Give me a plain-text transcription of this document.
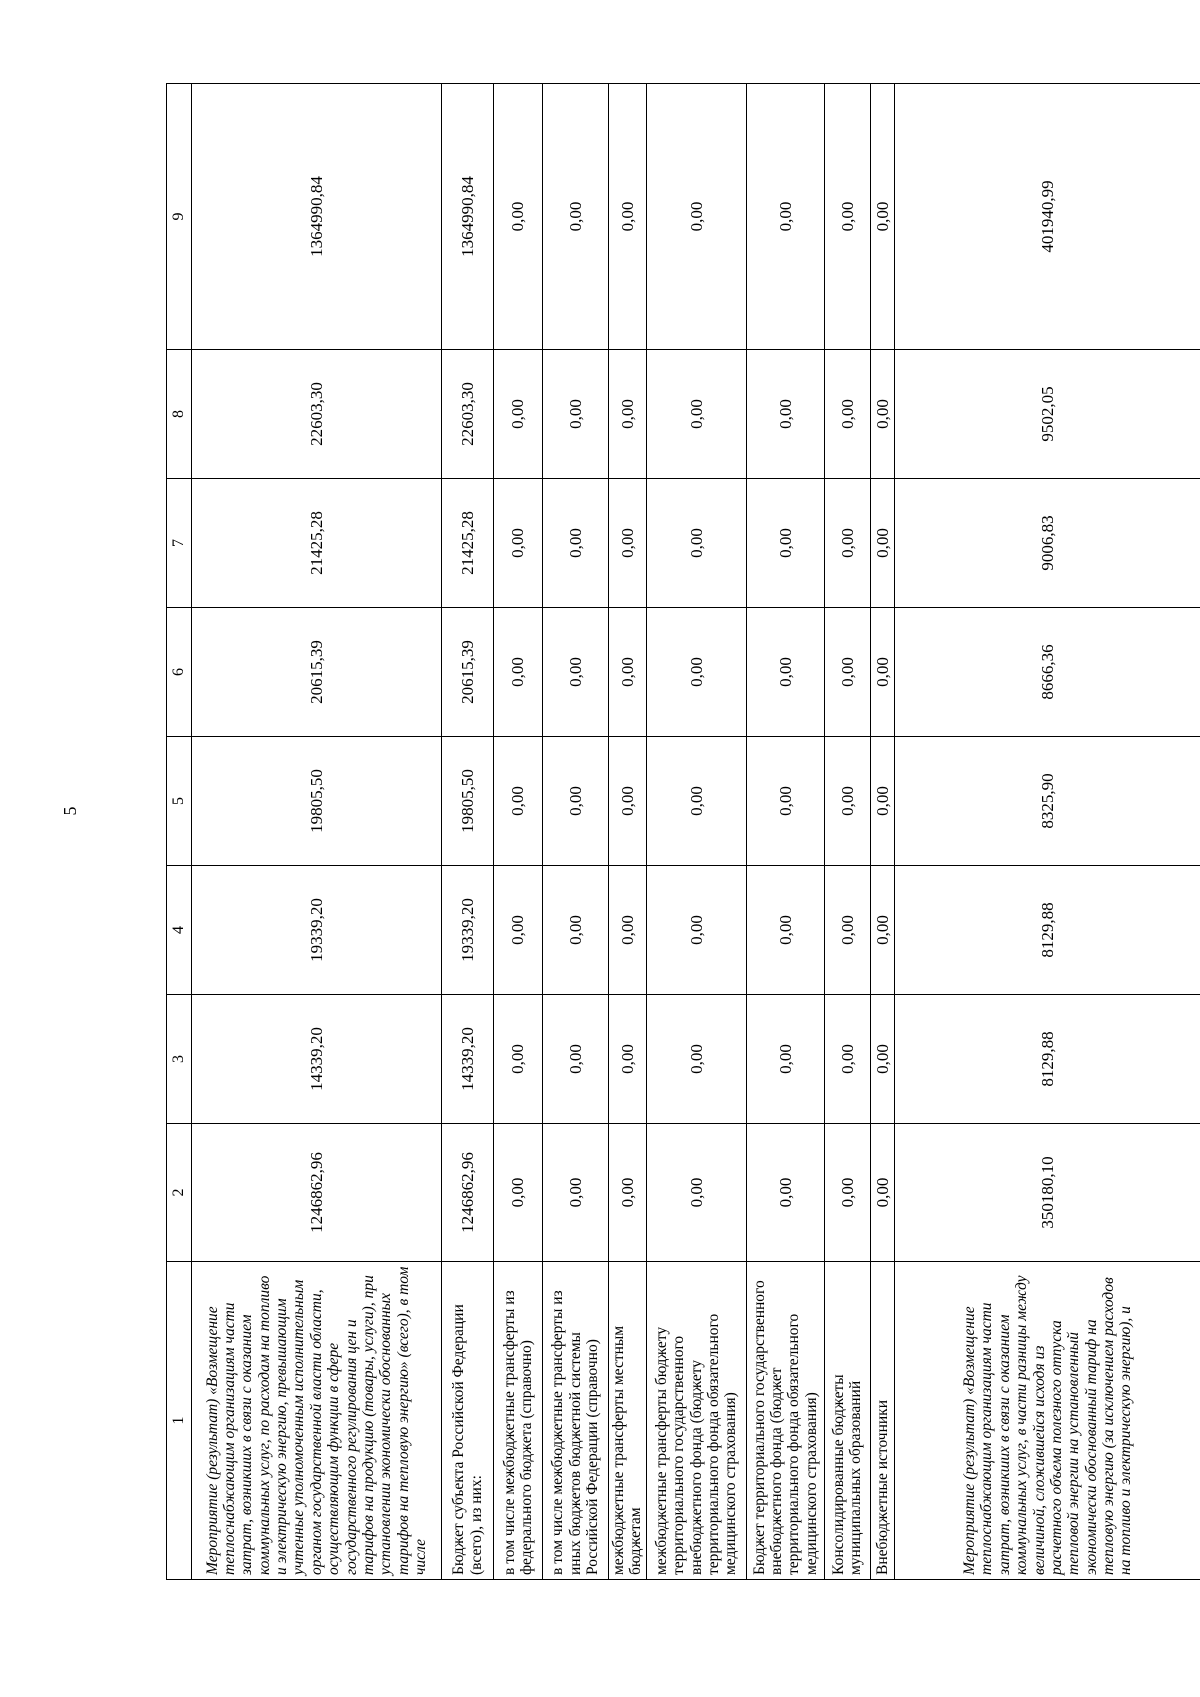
5
1	2	3	4	5	6	7	8	9
Мероприятие (результат) «Возмещение теплоснабжающим организациям части затрат, возникших в связи с оказанием коммунальных услуг, по расходам на топливо и электрическую энергию, превышающим учтенные уполномоченным исполнительным органом государственной власти области, осуществляющим функции в сфере государственного регулирования цен и тарифов на продукцию (товары, услуги), при установлении экономически обоснованных тарифов на тепловую энергию» (всего), в том числе	1246862,96	14339,20	19339,20	19805,50	20615,39	21425,28	22603,30	1364990,84
Бюджет субъекта Российской Федерации (всего), из них:	1246862,96	14339,20	19339,20	19805,50	20615,39	21425,28	22603,30	1364990,84
в том числе межбюджетные трансферты из федерального бюджета (справочно)	0,00	0,00	0,00	0,00	0,00	0,00	0,00	0,00
в том числе межбюджетные трансферты из иных бюджетов бюджетной системы Российской Федерации (справочно)	0,00	0,00	0,00	0,00	0,00	0,00	0,00	0,00
межбюджетные трансферты местным бюджетам	0,00	0,00	0,00	0,00	0,00	0,00	0,00	0,00
межбюджетные трансферты бюджету территориального государственного внебюджетного фонда (бюджету территориального фонда обязательного медицинского страхования)	0,00	0,00	0,00	0,00	0,00	0,00	0,00	0,00
Бюджет территориального государственного внебюджетного фонда (бюджет территориального фонда обязательного медицинского страхования)	0,00	0,00	0,00	0,00	0,00	0,00	0,00	0,00
Консолидированные бюджеты муниципальных образований	0,00	0,00	0,00	0,00	0,00	0,00	0,00	0,00
Внебюджетные источники	0,00	0,00	0,00	0,00	0,00	0,00	0,00	0,00
Мероприятие (результат) «Возмещение теплоснабжающим организациям части затрат, возникших в связи с оказанием коммунальных услуг, в части разницы между величиной, сложившейся исходя из расчетного объема полезного отпуска тепловой энергии на установленный экономически обоснованный тариф на тепловую энергию (за исключением расходов на топливо и электрическую энергию), и	350180,10	8129,88	8129,88	8325,90	8666,36	9006,83	9502,05	401940,99
